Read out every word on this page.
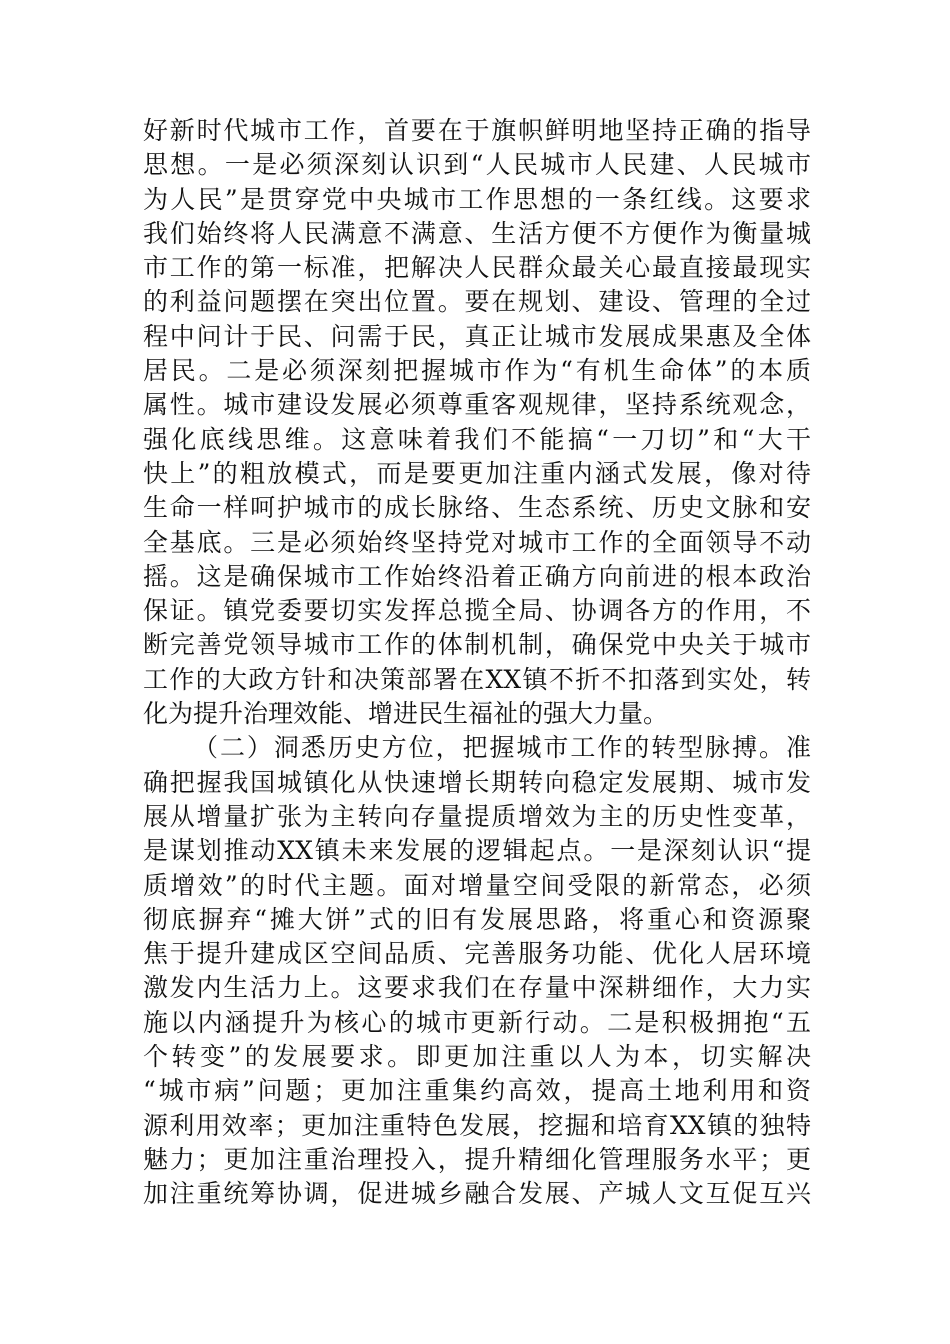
好新时代城市工作，首要在于旗帜鲜明地坚持正确的指导
思想。一是必须深刻认识到“人民城市人民建、人民城市
为人民”是贯穿党中央城市工作思想的一条红线。这要求
我们始终将人民满意不满意、生活方便不方便作为衡量城
市工作的第一标准，把解决人民群众最关心最直接最现实
的利益问题摆在突出位置。要在规划、建设、管理的全过
程中问计于民、问需于民，真正让城市发展成果惠及全体
居民。二是必须深刻把握城市作为“有机生命体”的本质
属性。城市建设发展必须尊重客观规律，坚持系统观念，
强化底线思维。这意味着我们不能搞“一刀切”和“大干
快上”的粗放模式，而是要更加注重内涵式发展，像对待
生命一样呵护城市的成长脉络、生态系统、历史文脉和安
全基底。三是必须始终坚持党对城市工作的全面领导不动
摇。这是确保城市工作始终沿着正确方向前进的根本政治
保证。镇党委要切实发挥总揽全局、协调各方的作用，不
断完善党领导城市工作的体制机制，确保党中央关于城市
工作的大政方针和决策部署在XX镇不折不扣落到实处，转
化为提升治理效能、增进民生福祉的强大力量。
（二）洞悉历史方位，把握城市工作的转型脉搏。准
确把握我国城镇化从快速增长期转向稳定发展期、城市发
展从增量扩张为主转向存量提质增效为主的历史性变革，
是谋划推动XX镇未来发展的逻辑起点。一是深刻认识“提
质增效”的时代主题。面对增量空间受限的新常态，必须
彻底摒弃“摊大饼”式的旧有发展思路，将重心和资源聚
焦于提升建成区空间品质、完善服务功能、优化人居环境
激发内生活力上。这要求我们在存量中深耕细作，大力实
施以内涵提升为核心的城市更新行动。二是积极拥抱“五
个转变”的发展要求。即更加注重以人为本，切实解决
“城市病”问题；更加注重集约高效，提高土地利用和资
源利用效率；更加注重特色发展，挖掘和培育XX镇的独特
魅力；更加注重治理投入，提升精细化管理服务水平；更
加注重统筹协调，促进城乡融合发展、产城人文互促互兴
